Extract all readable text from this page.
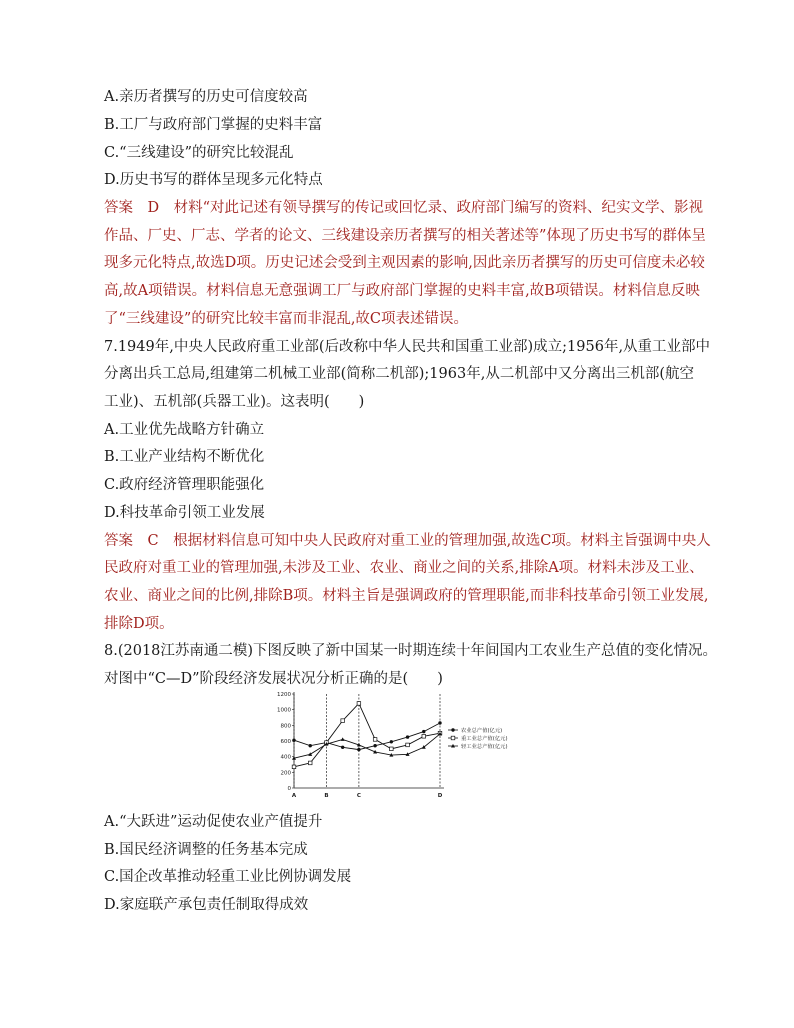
A.亲历者撰写的历史可信度较高
B.工厂与政府部门掌握的史料丰富
C.“三线建设”的研究比较混乱
D.历史书写的群体呈现多元化特点
答案　D　材料“对此记述有领导撰写的传记或回忆录、政府部门编写的资料、纪实文学、影视
作品、厂史、厂志、学者的论文、三线建设亲历者撰写的相关著述等”体现了历史书写的群体呈
现多元化特点,故选D项。历史记述会受到主观因素的影响,因此亲历者撰写的历史可信度未必较
高,故A项错误。材料信息无意强调工厂与政府部门掌握的史料丰富,故B项错误。材料信息反映
了“三线建设”的研究比较丰富而非混乱,故C项表述错误。
7.1949年,中央人民政府重工业部(后改称中华人民共和国重工业部)成立;1956年,从重工业部中
分离出兵工总局,组建第二机械工业部(简称二机部);1963年,从二机部中又分离出三机部(航空
工业)、五机部(兵器工业)。这表明(　　)
A.工业优先战略方针确立
B.工业产业结构不断优化
C.政府经济管理职能强化
D.科技革命引领工业发展
答案　C　根据材料信息可知中央人民政府对重工业的管理加强,故选C项。材料主旨强调中央人
民政府对重工业的管理加强,未涉及工业、农业、商业之间的关系,排除A项。材料未涉及工业、
农业、商业之间的比例,排除B项。材料主旨是强调政府的管理职能,而非科技革命引领工业发展,
排除D项。
8.(2018江苏南通二模)下图反映了新中国某一时期连续十年间国内工农业生产总值的变化情况。
对图中“C—D”阶段经济发展状况分析正确的是(　　)
0
200
400
600
800
1000
1200
A	B	C	D
农业总产值(亿元)
重工业总产值(亿元)
轻工业总产值(亿元)
A.“大跃进”运动促使农业产值提升
B.国民经济调整的任务基本完成
C.国企改革推动轻重工业比例协调发展
D.家庭联产承包责任制取得成效
